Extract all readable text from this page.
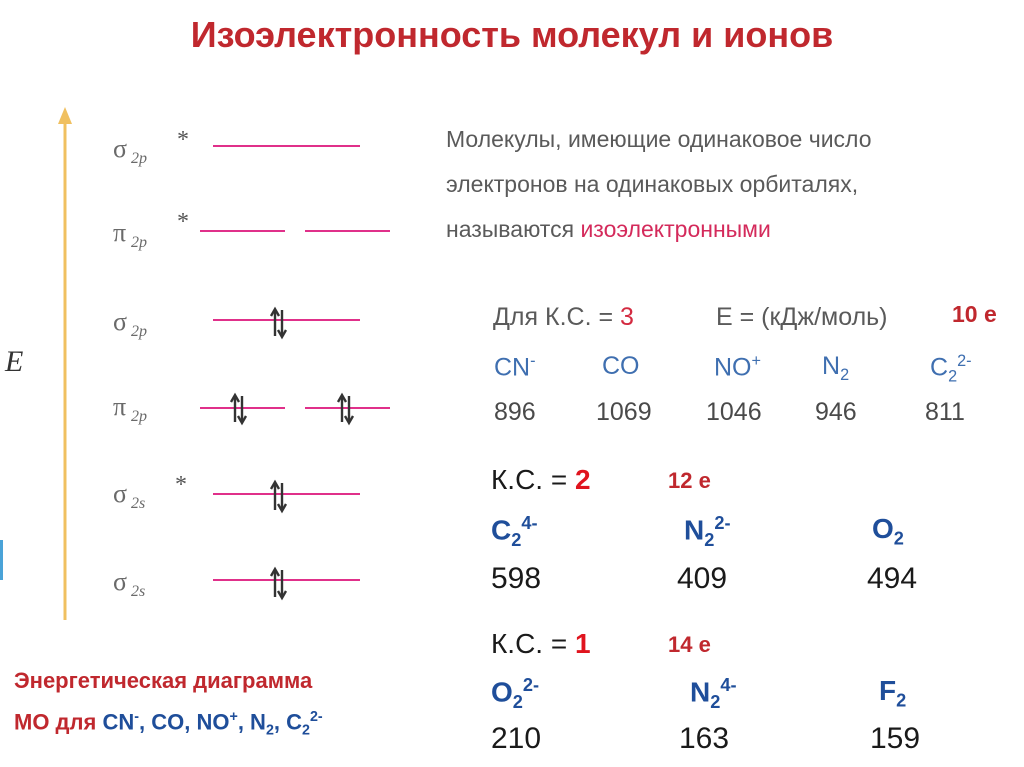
Изоэлектронность молекул и ионов
E
σ 2p
*
π 2p
*
σ 2p
π 2p
σ 2s
*
σ 2s
Молекулы, имеющие одинаковое число
электронов на одинаковых орбиталях,
называются изоэлектронными
Для К.С. = 3	E = (кДж/моль)	10 е
CN-	CO	NO+ $N_2$	$C_2^{2-}$
896 1069 1046 946	811
К.С. = 2	12 е
$C_2^{4-}$	$N_2^{2-}$	$O_2$
598	409	494
К.С. = 1	14 е
$O_2^{2-}$	$N_2^{4-}$	$F_2$
210	163	159
Энергетическая диаграмма
МО для CN-, CO, NO+, $N_2$, $C_2^{2-}$
